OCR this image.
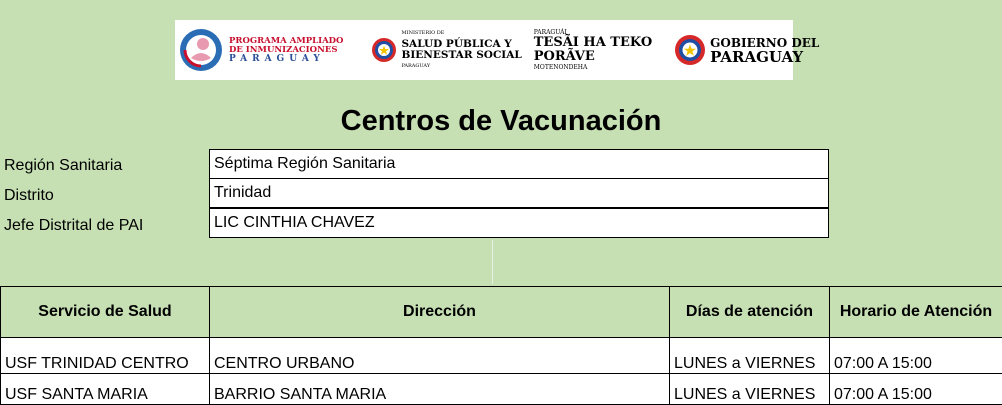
PROGRAMA AMPLIADO
DE INMUNIZACIONES
PARAGUAY
MINISTERIO DE
SALUD PÚBLICA Y
BIENESTAR SOCIAL
PARAGUAY
PARAGUÁI
TESÃI HA TEKO
PORÃVE
MOTENONDEHA
GOBIERNO DEL
PARAGUAY
Centros de Vacunación
Región Sanitaria	Séptima Región Sanitaria
Distrito	Trinidad
Jefe Distrital de PAI	LIC CINTHIA CHAVEZ
Servicio de Salud	Dirección	Días de atención	Horario de Atención
USF TRINIDAD CENTRO	CENTRO URBANO	LUNES a VIERNES	07:00 A 15:00
USF SANTA MARIA	BARRIO SANTA MARIA	LUNES a VIERNES	07:00 A 15:00
